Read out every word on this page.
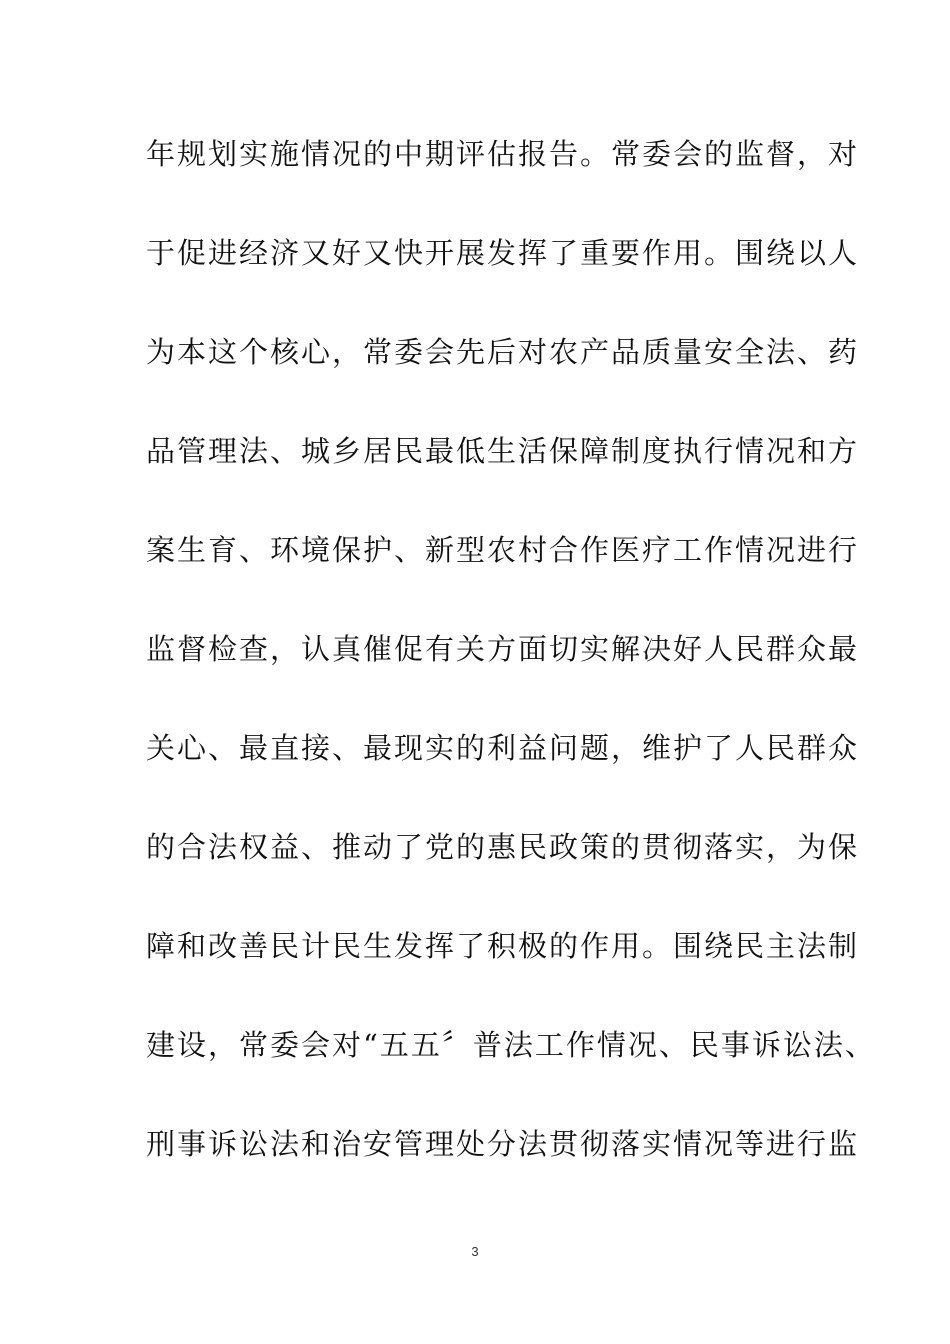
年规划实施情况的中期评估报告。常委会的监督，对
于促进经济又好又快开展发挥了重要作用。围绕以人
为本这个核心，常委会先后对农产品质量安全法、药
品管理法、城乡居民最低生活保障制度执行情况和方
案生育、环境保护、新型农村合作医疗工作情况进行
监督检查，认真催促有关方面切实解决好人民群众最
关心、最直接、最现实的利益问题，维护了人民群众
的合法权益、推动了党的惠民政策的贯彻落实，为保
障和改善民计民生发挥了积极的作用。围绕民主法制
建设，常委会对“五五〞普法工作情况、民事诉讼法、
刑事诉讼法和治安管理处分法贯彻落实情况等进行监
3
